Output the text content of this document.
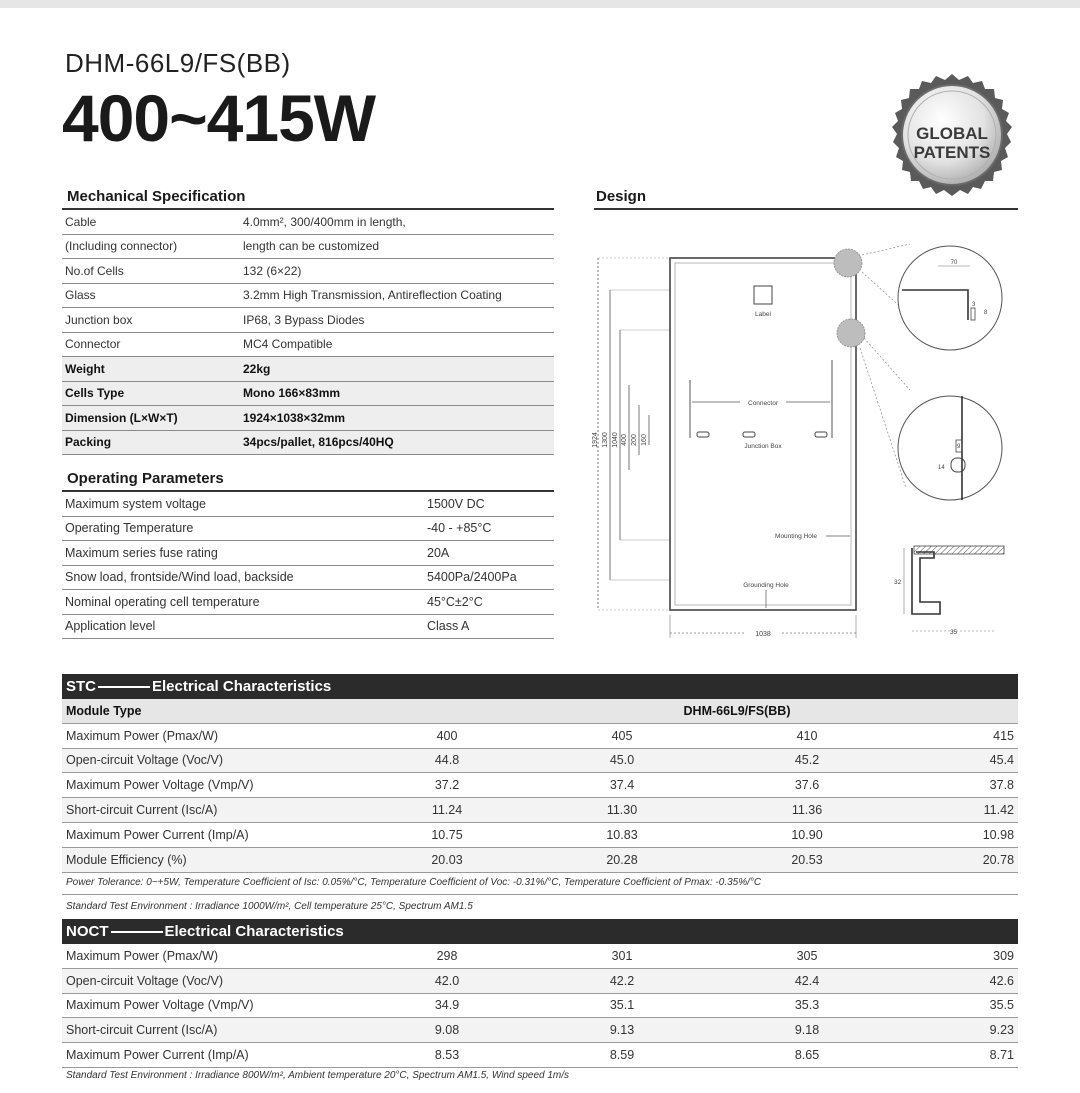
DHM-66L9/FS(BB)
400~415W	GLOBAL
PATENTS
Mechanical Specification
Cable	4.0mm², 300/400mm in length,
(Including connector)	length can be customized
No.of Cells	132 (6×22)
Glass	3.2mm High Transmission, Antireflection Coating
Junction box	IP68, 3 Bypass Diodes
Connector	MC4 Compatible
Weight	22kg
Cells Type	Mono 166×83mm
Dimension (L×W×T)	1924×1038×32mm
Packing	34pcs/pallet, 816pcs/40HQ
Design
1924 1300 1040 400 200 160
Label
Connector
Junction Box
Mounting Hole
Grounding Hole
1038
70
3
8
14
9
32
35
Operating Parameters
Maximum system voltage	1500V DC
Operating Temperature	-40 - +85°C
Maximum series fuse rating	20A
Snow load, frontside/Wind load, backside	5400Pa/2400Pa
Nominal operating cell temperature	45°C±2°C
Application level	Class A
STC	Electrical Characteristics
Module Type		DHM-66L9/FS(BB)		
Maximum Power (Pmax/W)	400	405	410	415
Open-circuit Voltage (Voc/V)	44.8	45.0	45.2	45.4
Maximum Power Voltage (Vmp/V)	37.2	37.4	37.6	37.8
Short-circuit Current (Isc/A)	11.24	11.30	11.36	11.42
Maximum Power Current (Imp/A)	10.75	10.83	10.90	10.98
Module Efficiency (%)	20.03	20.28	20.53	20.78
Power Tolerance: 0~+5W, Temperature Coefficient of Isc: 0.05%/°C, Temperature Coefficient of Voc: -0.31%/°C, Temperature Coefficient of Pmax: -0.35%/°C
Standard Test Environment : Irradiance 1000W/m², Cell temperature 25°C, Spectrum AM1.5
NOCT	Electrical Characteristics
Maximum Power (Pmax/W)	298	301	305	309
Open-circuit Voltage (Voc/V)	42.0	42.2	42.4	42.6
Maximum Power Voltage (Vmp/V)	34.9	35.1	35.3	35.5
Short-circuit Current (Isc/A)	9.08	9.13	9.18	9.23
Maximum Power Current (Imp/A)	8.53	8.59	8.65	8.71
Standard Test Environment : Irradiance 800W/m², Ambient temperature 20°C, Spectrum AM1.5, Wind speed 1m/s
